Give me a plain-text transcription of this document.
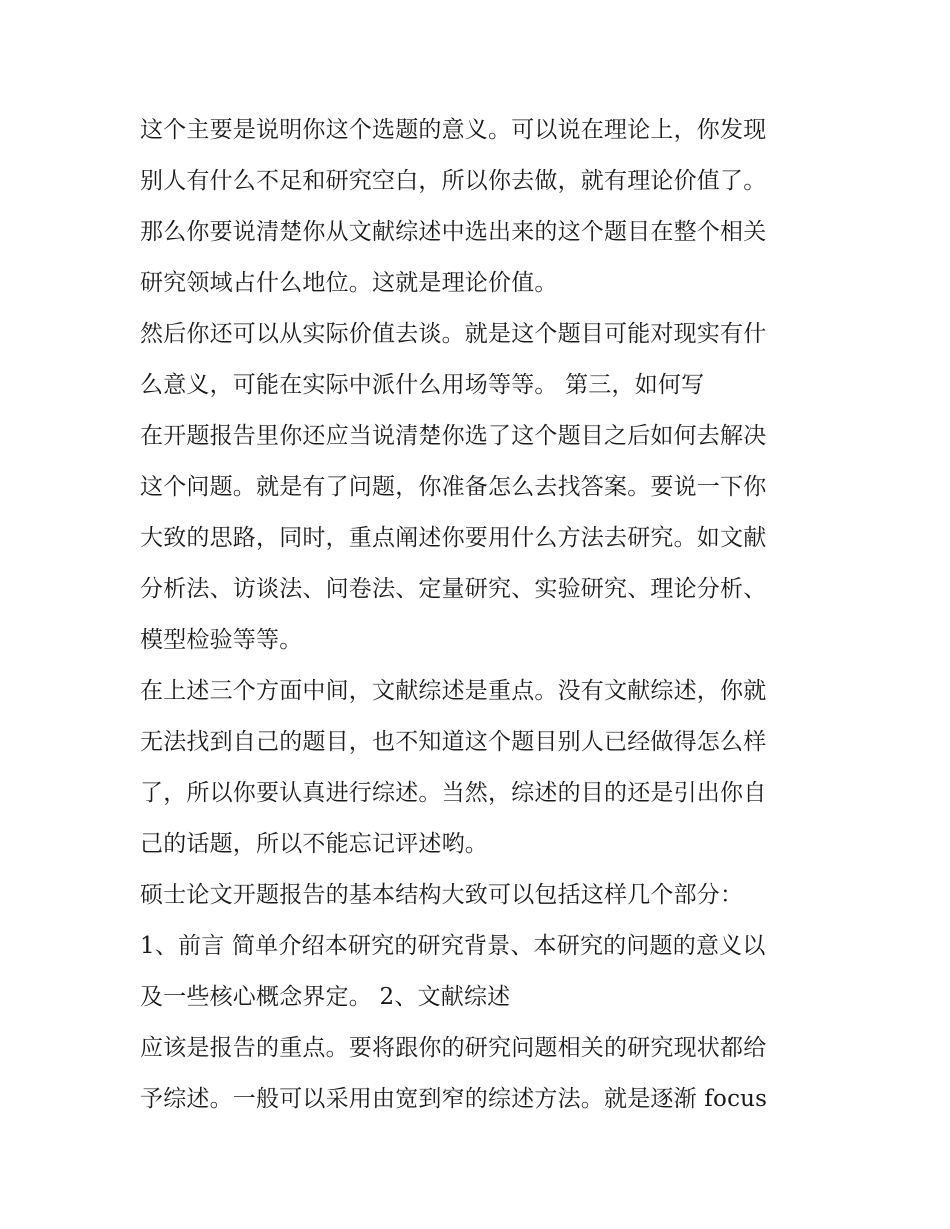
这个主要是说明你这个选题的意义。可以说在理论上，你发现
别人有什么不足和研究空白，所以你去做，就有理论价值了。
那么你要说清楚你从文献综述中选出来的这个题目在整个相关
研究领域占什么地位。这就是理论价值。
然后你还可以从实际价值去谈。就是这个题目可能对现实有什
么意义，可能在实际中派什么用场等等。 第三，如何写
在开题报告里你还应当说清楚你选了这个题目之后如何去解决
这个问题。就是有了问题，你准备怎么去找答案。要说一下你
大致的思路，同时，重点阐述你要用什么方法去研究。如文献
分析法、访谈法、问卷法、定量研究、实验研究、理论分析、
模型检验等等。
在上述三个方面中间，文献综述是重点。没有文献综述，你就
无法找到自己的题目，也不知道这个题目别人已经做得怎么样
了，所以你要认真进行综述。当然，综述的目的还是引出你自
己的话题，所以不能忘记评述哟。
硕士论文开题报告的基本结构大致可以包括这样几个部分：
1、前言 简单介绍本研究的研究背景、本研究的问题的意义以
及一些核心概念界定。 2、文献综述
应该是报告的重点。要将跟你的研究问题相关的研究现状都给
予综述。一般可以采用由宽到窄的综述方法。就是逐渐 focus
